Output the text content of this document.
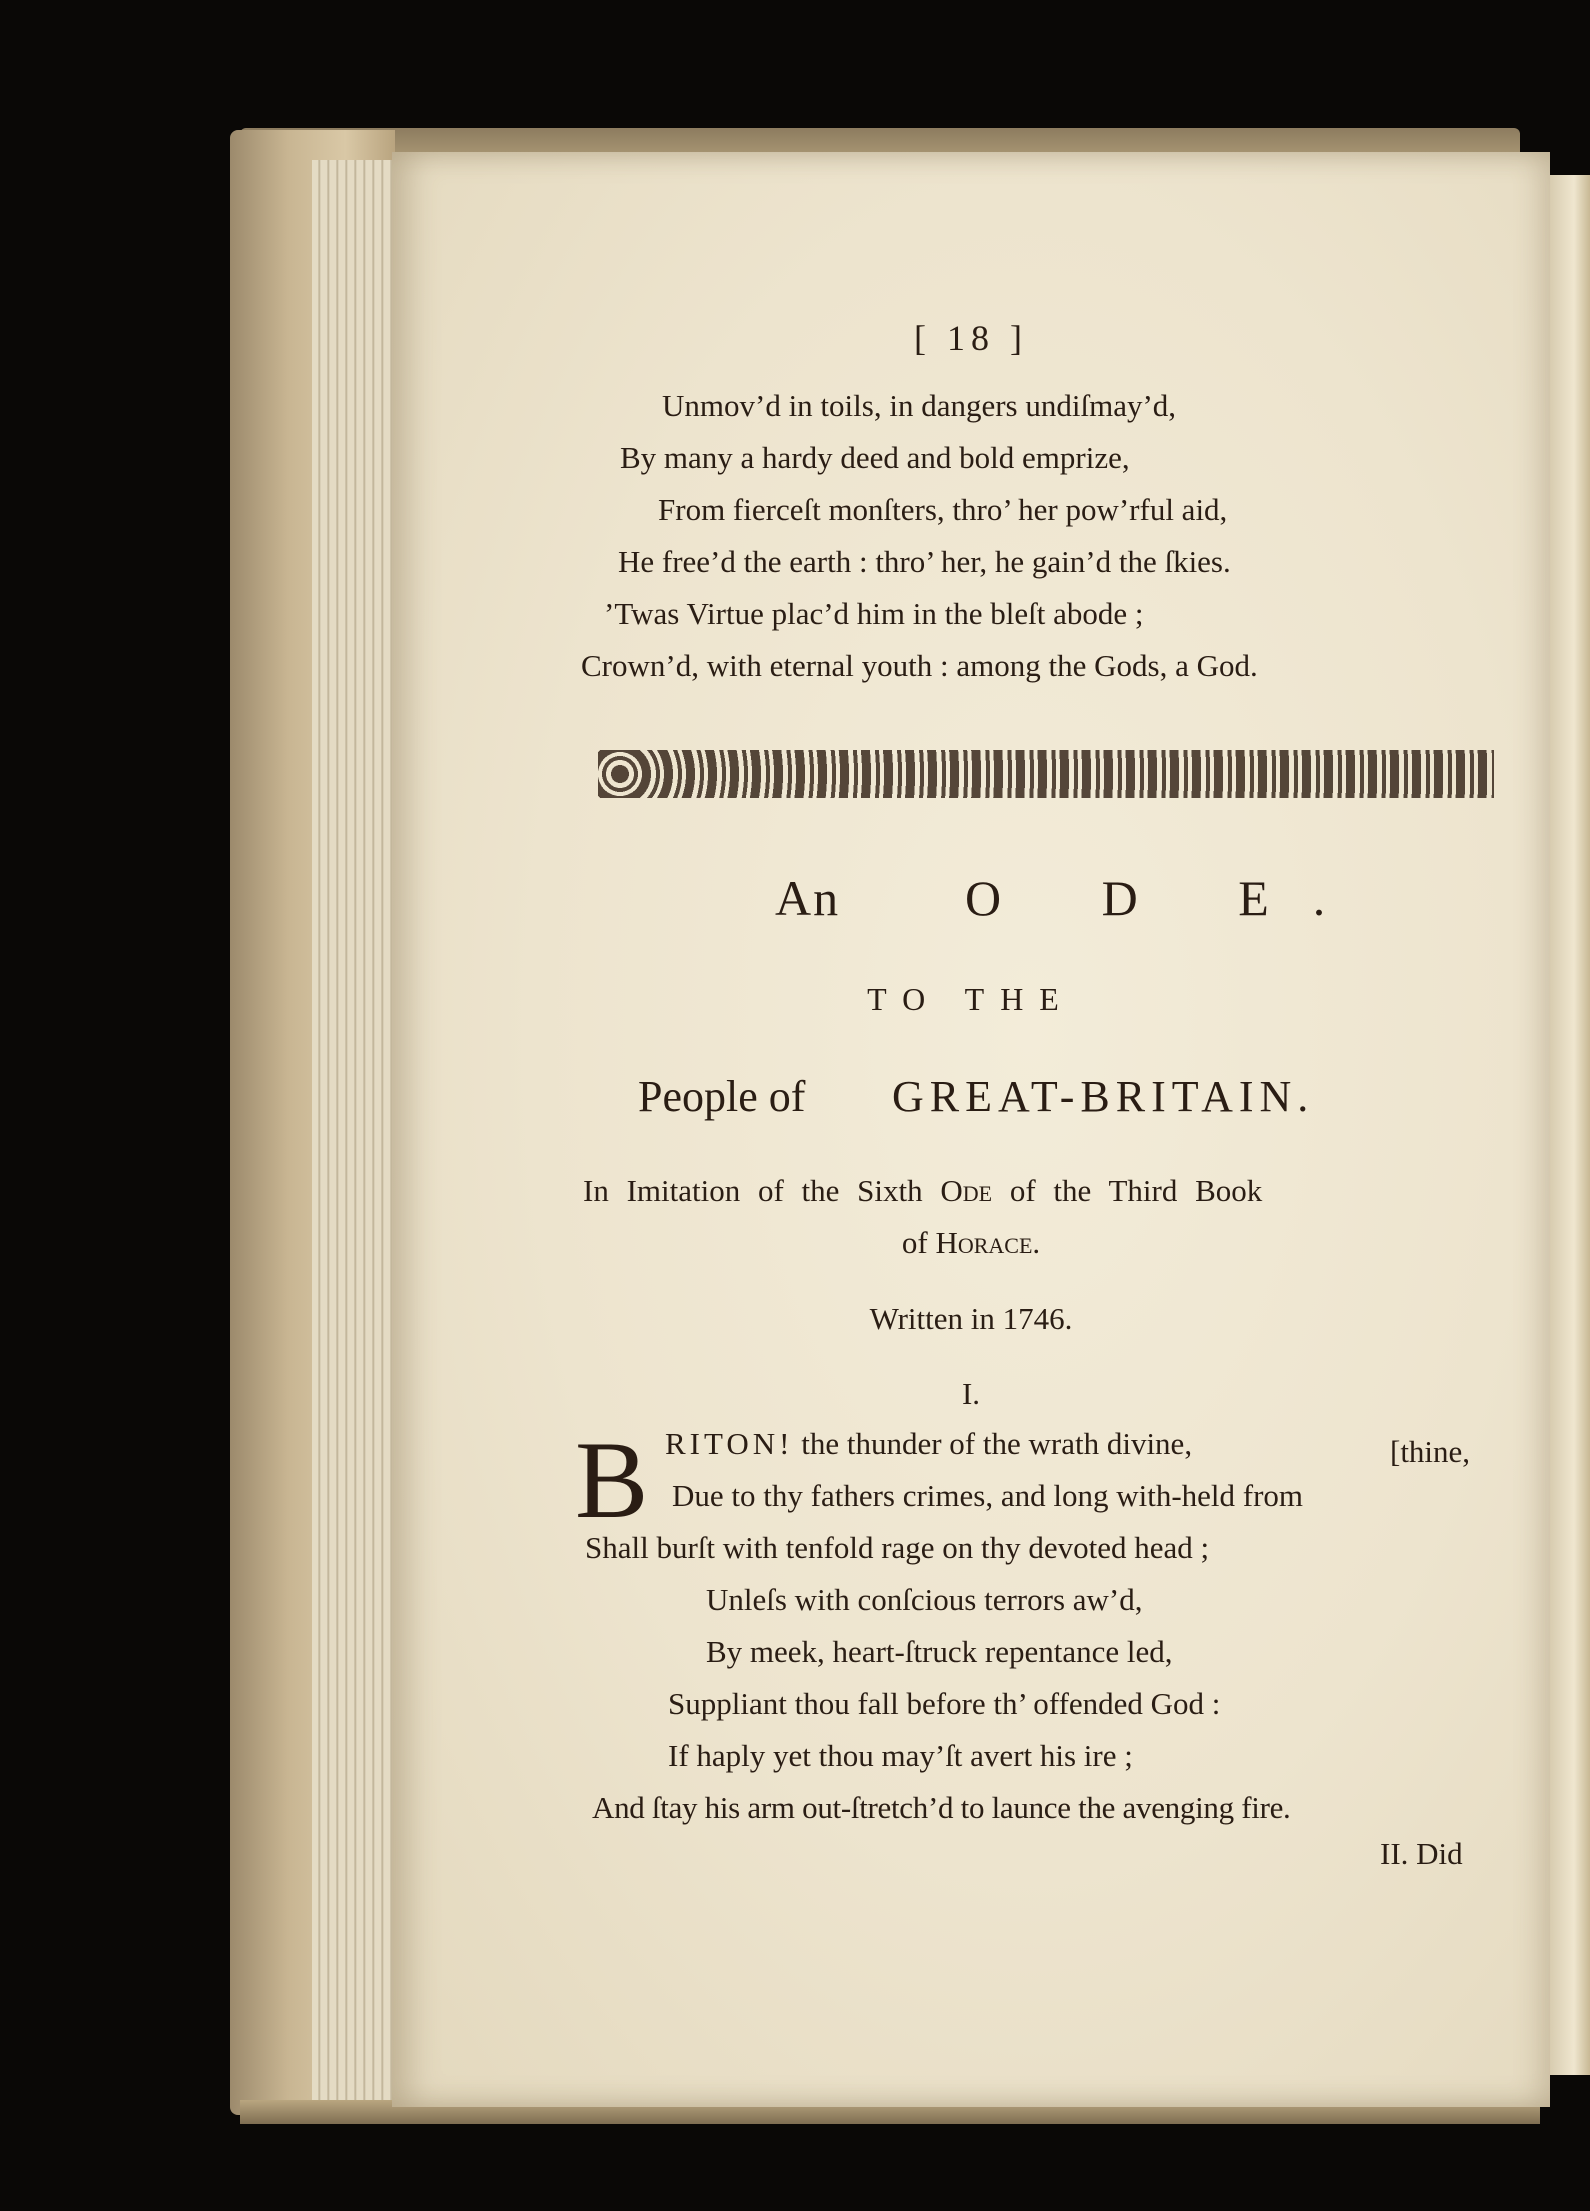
[ 18 ]
Unmov’d in toils, in dangers undiſmay’d,
By many a hardy deed and bold emprize,
From fierceſt monſters, thro’ her pow’rful aid,
He free’d the earth : thro’ her, he gain’d the ſkies.
’Twas Virtue plac’d him in the bleſt abode ;
Crown’d, with eternal youth : among the Gods, a God.
An O D E.
TO THE
People of GREAT-BRITAIN.
In Imitation of the Sixth Ode of the Third Book
of Horace.
Written in 1746.
I.
B RITON! the thunder of the wrath divine,	[thine,
Due to thy fathers crimes, and long with-held from
Shall burſt with tenfold rage on thy devoted head ;
Unleſs with conſcious terrors aw’d,
By meek, heart-ſtruck repentance led,
Suppliant thou fall before th’ offended God :
If haply yet thou may’ſt avert his ire ;
And ſtay his arm out-ſtretch’d to launce the avenging fire.
II. Did
